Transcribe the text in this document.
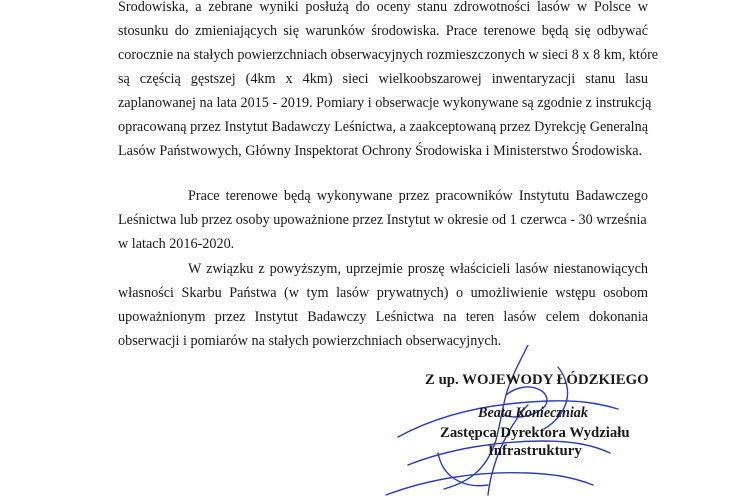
Środowiska, a zebrane wyniki posłużą do oceny stanu zdrowotności lasów w Polsce w
stosunku do zmieniających się warunków środowiska. Prace terenowe będą się odbywać
corocznie na stałych powierzchniach obserwacyjnych rozmieszczonych w sieci 8 x 8 km, które
są częścią gęstszej (4km x 4km) sieci wielkoobszarowej inwentaryzacji stanu lasu
zaplanowanej na lata 2015 - 2019. Pomiary i obserwacje wykonywane są zgodnie z instrukcją
opracowaną przez Instytut Badawczy Leśnictwa, a zaakceptowaną przez Dyrekcję Generalną
Lasów Państwowych, Główny Inspektorat Ochrony Środowiska i Ministerstwo Środowiska.
Prace terenowe będą wykonywane przez pracowników Instytutu Badawczego
Leśnictwa lub przez osoby upoważnione przez Instytut w okresie od 1 czerwca - 30 września
w latach 2016-2020.
W związku z powyższym, uprzejmie proszę właścicieli lasów niestanowiących
własności Skarbu Państwa (w tym lasów prywatnych) o umożliwienie wstępu osobom
upoważnionym przez Instytut Badawczy Leśnictwa na teren lasów celem dokonania
obserwacji i pomiarów na stałych powierzchniach obserwacyjnych.
Z up. WOJEWODY ŁÓDZKIEGO
Beata Konieczniak
Zastępca Dyrektora Wydziału
Infrastruktury
